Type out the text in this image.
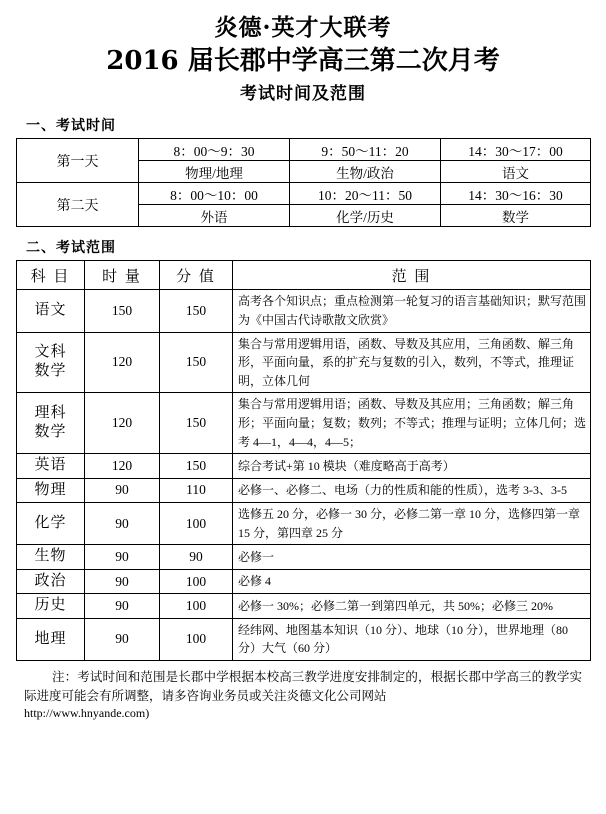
炎德·英才大联考
2016 届长郡中学高三第二次月考
考试时间及范围
一、考试时间
第一天	8：00～9：30	9：50～11：20	14：30～17：00
	物理/地理	生物/政治	语文
第二天	8：00～10：00	10：20～11：50	14：30～16：30
	外语	化学/历史	数学
二、考试范围
科 目	时 量	分 值	范 围
语文	150	150	高考各个知识点；重点检测第一轮复习的语言基础知识；默写范围为《中国古代诗歌散文欣赏》
文科
数学	120	150	集合与常用逻辑用语，函数、导数及其应用，三角函数、解三角形，平面向量，系的扩充与复数的引入，数列，不等式，推理证明，立体几何
理科
数学	120	150	集合与常用逻辑用语；函数、导数及其应用；三角函数；解三角形；平面向量；复数；数列；不等式；推理与证明；立体几何；选考 4—1，4—4，4—5；
英语	120	150	综合考试+第 10 模块（难度略高于高考）
物理	90	110	必修一、必修二、电场（力的性质和能的性质），选考 3-3、3-5
化学	90	100	选修五 20 分，必修一 30 分，必修二第一章 10 分，选修四第一章 15 分，第四章 25 分
生物	90	90	必修一
政治	90	100	必修 4
历史	90	100	必修一 30%；必修二第一到第四单元，共 50%；必修三 20%
地理	90	100	经纬网、地图基本知识（10 分）、地球（10 分），世界地理（80 分）大气（60 分）
注：考试时间和范围是长郡中学根据本校高三教学进度安排制定的，根据长郡中学高三的教学实际进度可能会有所调整，请多咨询业务员或关注炎德文化公司网站
http://www.hnyande.com)
